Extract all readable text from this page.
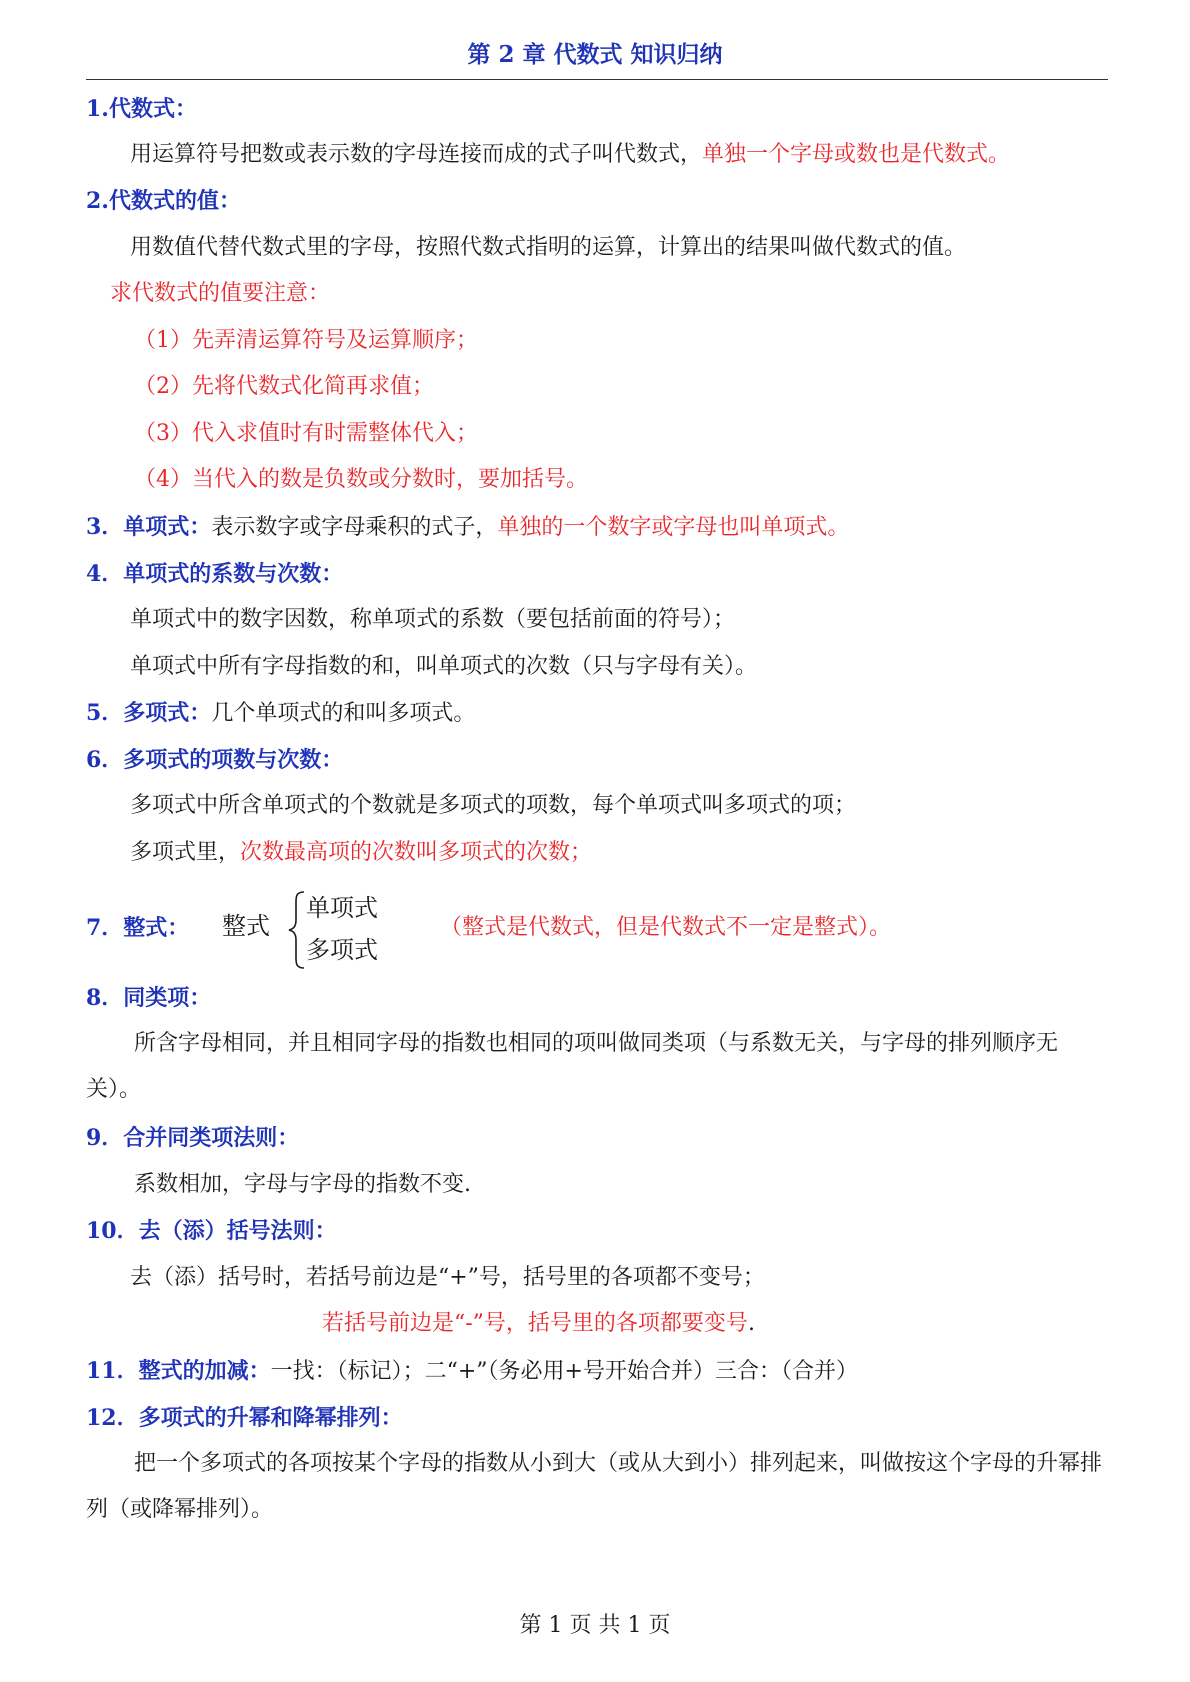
第 2 章 代数式 知识归纳
1.代数式：
用运算符号把数或表示数的字母连接而成的式子叫代数式，单独一个字母或数也是代数式。
2.代数式的值：
用数值代替代数式里的字母，按照代数式指明的运算，计算出的结果叫做代数式的值。
求代数式的值要注意：
（1）先弄清运算符号及运算顺序；
（2）先将代数式化简再求值；
（3）代入求值时有时需整体代入；
（4）当代入的数是负数或分数时，要加括号。
3．单项式：表示数字或字母乘积的式子，单独的一个数字或字母也叫单项式。
4．单项式的系数与次数：
单项式中的数字因数，称单项式的系数（要包括前面的符号）；
单项式中所有字母指数的和，叫单项式的次数（只与字母有关）。
5．多项式：几个单项式的和叫多项式。
6．多项式的项数与次数：
多项式中所含单项式的个数就是多项式的项数，每个单项式叫多项式的项；
多项式里，次数最高项的次数叫多项式的次数；
7．整式： 整式
单项式
多项式
（整式是代数式，但是代数式不一定是整式）。
8．同类项：
所含字母相同，并且相同字母的指数也相同的项叫做同类项（与系数无关，与字母的排列顺序无关）。
9．合并同类项法则：
系数相加，字母与字母的指数不变.
10．去（添）括号法则：
去（添）括号时，若括号前边是“+”号，括号里的各项都不变号；
若括号前边是“-”号，括号里的各项都要变号.
11．整式的加减：一找：（标记）；二“+”（务必用+号开始合并）三合：（合并）
12．多项式的升幂和降幂排列：
把一个多项式的各项按某个字母的指数从小到大（或从大到小）排列起来，叫做按这个字母的升幂排列（或降幂排列）。
第 1 页 共 1 页
